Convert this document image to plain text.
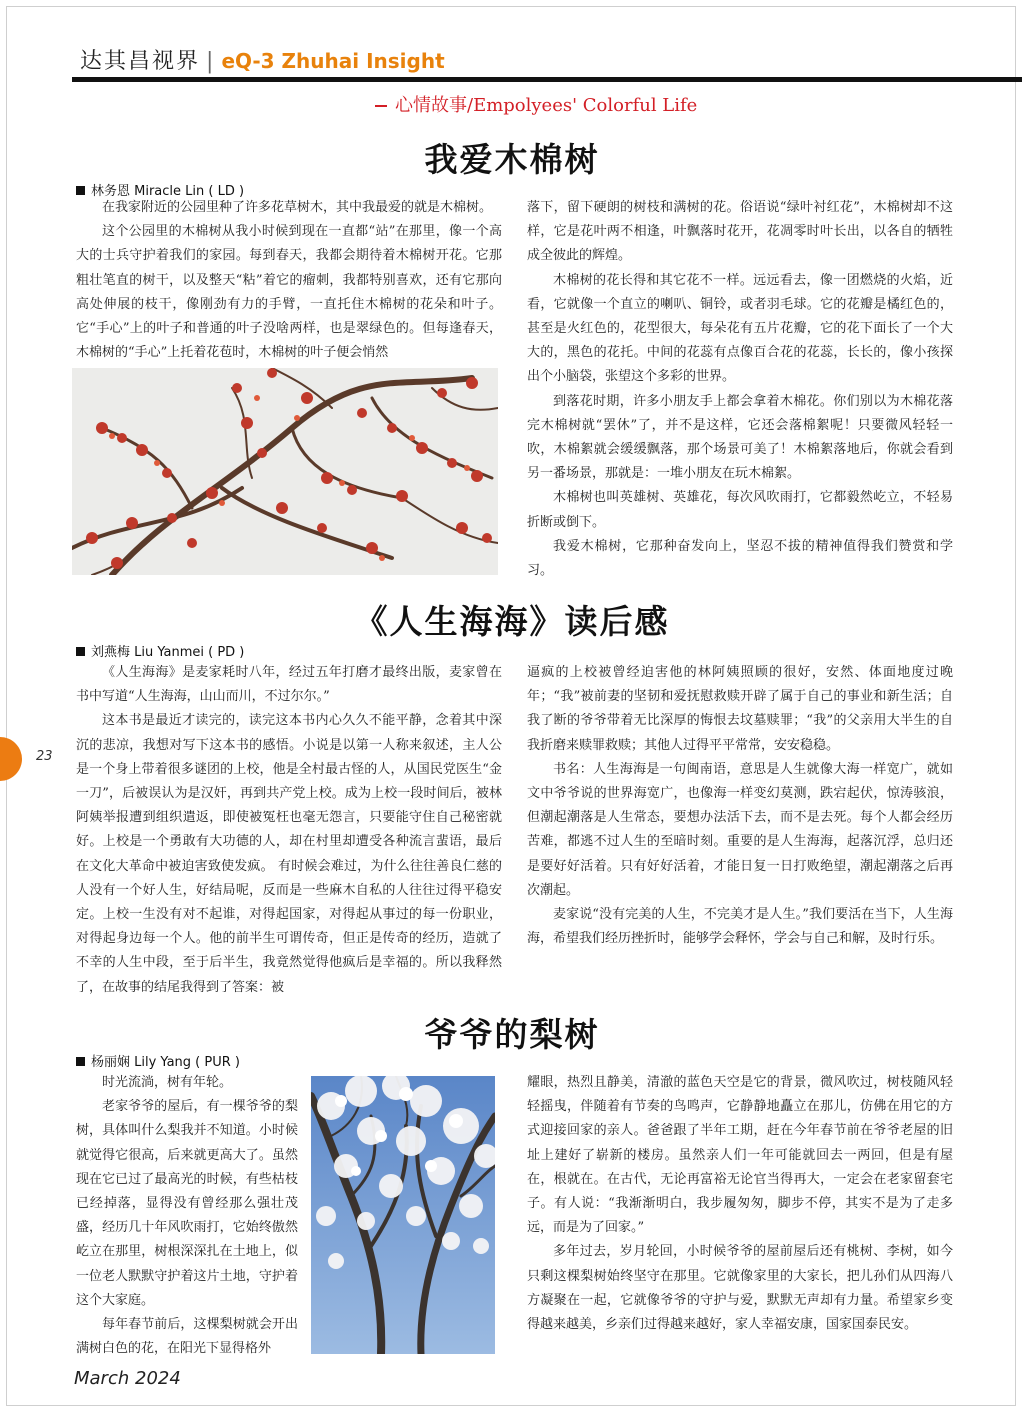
达其昌视界 | eQ-3 Zhuhai Insight
心情故事/Empolyees' Colorful Life
我爱木棉树
林务恩 Miracle Lin ( LD )

在我家附近的公园里种了许多花草树木，其中我最爱的就是木棉树。

这个公园里的木棉树从我小时候到现在一直都“站”在那里，像一个高大的士兵守护着我们的家园。每到春天，我都会期待着木棉树开花。它那粗壮笔直的树干，以及整天“粘”着它的瘤刺，我都特别喜欢，还有它那向高处伸展的枝干，像刚劲有力的手臂，一直托住木棉树的花朵和叶子。它“手心”上的叶子和普通的叶子没啥两样，也是翠绿色的。但每逢春天，木棉树的“手心”上托着花苞时，木棉树的叶子便会悄然

落下，留下硬朗的树枝和满树的花。俗语说“绿叶衬红花”，木棉树却不这样，它是花叶两不相逢，叶飘落时花开，花凋零时叶长出，以各自的牺牲成全彼此的辉煌。

木棉树的花长得和其它花不一样。远远看去，像一团燃烧的火焰，近看，它就像一个直立的喇叭、铜铃，或者羽毛球。它的花瓣是橘红色的，甚至是火红色的，花型很大，每朵花有五片花瓣，它的花下面长了一个大大的，黑色的花托。中间的花蕊有点像百合花的花蕊，长长的，像小孩探出个小脑袋，张望这个多彩的世界。

到落花时期，许多小朋友手上都会拿着木棉花。你们别以为木棉花落完木棉树就“罢休”了，并不是这样，它还会落棉絮呢！只要微风轻轻一吹，木棉絮就会缓缓飘落，那个场景可美了！木棉絮落地后，你就会看到另一番场景，那就是：一堆小朋友在玩木棉絮。

木棉树也叫英雄树、英雄花，每次风吹雨打，它都毅然屹立，不轻易折断或倒下。

我爱木棉树，它那种奋发向上，坚忍不拔的精神值得我们赞赏和学习。

《人生海海》读后感
刘燕梅 Liu Yanmei ( PD )

《人生海海》是麦家耗时八年，经过五年打磨才最终出版，麦家曾在书中写道“人生海海，山山而川，不过尔尔。”

这本书是最近才读完的，读完这本书内心久久不能平静，念着其中深沉的悲凉，我想对写下这本书的感悟。小说是以第一人称来叙述，主人公是一个身上带着很多谜团的上校，他是全村最古怪的人，从国民党医生“金一刀”，后被误认为是汉奸，再到共产党上校。成为上校一段时间后，被林阿姨举报遭到组织遣返，即使被冤枉也毫无怨言，只要能守住自己秘密就好。上校是一个勇敢有大功德的人，却在村里却遭受各种流言蜚语，最后在文化大革命中被迫害致使发疯。 有时候会难过，为什么往往善良仁慈的人没有一个好人生，好结局呢，反而是一些麻木自私的人往往过得平稳安定。上校一生没有对不起谁，对得起国家，对得起从事过的每一份职业，对得起身边每一个人。他的前半生可谓传奇，但正是传奇的经历，造就了不幸的人生中段，至于后半生，我竟然觉得他疯后是幸福的。所以我释然了，在故事的结尾我得到了答案：被

逼疯的上校被曾经迫害他的林阿姨照顾的很好，安然、体面地度过晚年；“我”被前妻的坚韧和爱抚慰救赎开辟了属于自己的事业和新生活；自我了断的爷爷带着无比深厚的悔恨去坟墓赎罪；“我”的父亲用大半生的自我折磨来赎罪救赎；其他人过得平平常常，安安稳稳。

书名：人生海海是一句闽南语，意思是人生就像大海一样宽广，就如文中爷爷说的世界海宽广，也像海一样变幻莫测，跌宕起伏，惊涛骇浪，但潮起潮落是人生常态，要想办法活下去，而不是去死。每个人都会经历苦难，都逃不过人生的至暗时刻。重要的是人生海海，起落沉浮，总归还是要好好活着。只有好好活着，才能日复一日打败绝望，潮起潮落之后再次潮起。

麦家说“没有完美的人生，不完美才是人生。”我们要活在当下，人生海海，希望我们经历挫折时，能够学会释怀，学会与自己和解，及时行乐。

爷爷的梨树
杨丽娴 Lily Yang ( PUR )

时光流淌，树有年轮。

老家爷爷的屋后，有一棵爷爷的梨树，具体叫什么梨我并不知道。小时候就觉得它很高，后来就更高大了。虽然现在它已过了最高光的时候，有些枯枝已经掉落，显得没有曾经那么强壮茂盛，经历几十年风吹雨打，它始终傲然屹立在那里，树根深深扎在土地上，似一位老人默默守护着这片土地，守护着这个大家庭。

每年春节前后，这棵梨树就会开出满树白色的花，在阳光下显得格外

耀眼，热烈且静美，清澈的蓝色天空是它的背景，微风吹过，树枝随风轻轻摇曳，伴随着有节奏的鸟鸣声，它静静地矗立在那儿，仿佛在用它的方式迎接回家的亲人。爸爸跟了半年工期，赶在今年春节前在爷爷老屋的旧址上建好了崭新的楼房。虽然亲人们一年可能就回去一两回，但是有屋在，根就在。在古代，无论再富裕无论官当得再大，一定会在老家留套宅子。有人说：“我渐渐明白，我步履匆匆，脚步不停，其实不是为了走多远，而是为了回家。”

多年过去，岁月轮回，小时候爷爷的屋前屋后还有桃树、李树，如今只剩这棵梨树始终坚守在那里。它就像家里的大家长，把儿孙们从四海八方凝聚在一起，它就像爷爷的守护与爱，默默无声却有力量。希望家乡变得越来越美，乡亲们过得越来越好，家人幸福安康，国家国泰民安。

23
March 2024
